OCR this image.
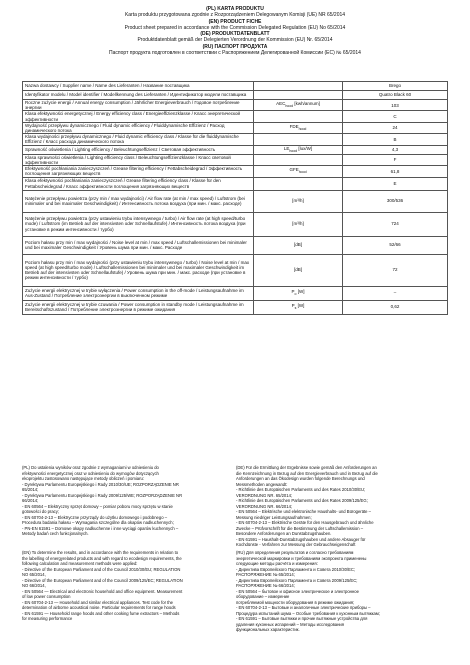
(PL) KARTA PRODUKTU
Karta produktu przygotowana zgodnie z Rozporządzeniem Delegowanym Komisji (UE) NR 65/2014
(EN) PRODUCT FICHE
Product sheet prepared in accordance with the Commission Delegated Regulation (EU) No 65/2014
(DE) PRODUKTDATENBLATT
Produktdatenblatt gemäß der Delegierten Verordnung der Kommission (EU) Nr. 65/2014
(RU) ПАСПОРТ ПРОДУКТА
Паспорт продукта подготовлен в соответствии с Распоряжением Делегированной Комиссии (ЕС) № 65/2014
Nazwa dostawcy / Supplier name / Name des Lieferanten / Название поставщика		Brego
Identyfikator modelu / Model identifier / Modellkennung des Lieferanten / Идентификатор модели поставщика		Quatro Black 60
Roczne zużycie energii / Annual energy consumption / Jährlicher Energieverbrauch / Годовое потребление энергии	$AEC_{hood}$ [kwh/annum]	103
Klasa efektywności energetycznej / Energy efficiency class / Energieeffizienzklasse / Класс энергетической эффективности		C
Wydajność przepływu dynamicznego / Fluid dynamic efficiency / Fluiddynamische Effizienz / Расход динамического потока	$FDE_{hood}$	24
Klasa wydajności przepływu dynamicznego / Fluid dynamic efficiency class / Klasse für die fluiddynamische Effizienz / Класс расхода динамического потока		B
Sprawność oświetlenia / Lighting efficiency / Beleuchtungseffizienz / Световая эффективность	$LE_{hood}$ [lux/W]	4,3
Klasa sprawności oświetlenia / Lighting efficiency class / Beleuchtungseffizienzklasse / Класс световой эффективности		F
Efektywność pochłaniania zanieczyszczeń / Grease filtering efficiency / Fettabscheidegrad / Эффективность поглощения загрязняющих веществ	$GFE_{hood}$	61,8
Klasa efektywności pochłaniania zanieczyszczeń / Grease filtering efficiency class / Klasse für den Fettabscheidegrad / Класс эффективности поглощения загрязняющих веществ		E
Natężenie przepływu powietrza (przy min / max wydajności) / Air flow rate (at min / max speed) / Luftstrom (bei minimaler und bei maximaler Geschwindigkeit) / Интенсивность потока воздуха (при мин. / макс. расходе)	[m³/h]	300/536
Natężenie przepływu powietrza (przy ustawieniu trybu intensywnego / turbo) / Air flow rate (at high speed/turbo mode) / Luftstrom (im Betrieb auf der intensivsten oder Schnellaufstufe) / Интенсивность потока воздуха (при установке в режим интенсивности / турбо)	[m³/h]	724
Poziom hałasu przy min / max wydajności / Noise level at min / max speed / Luftschallemissionen bei minimaler und bei maximaler Geschwindigkeit / Уровень шума при мин. / макс. Расходе	[dB]	52/66
Poziom hałasu przy min / max wydajności (przy ustawieniu trybu intensywnego / turbo) / Noise level at min / max speed (at high speed/turbo mode) / Luftschallemissionen bei minimaler und bei maximaler Geschwindigkeit im Betrieb auf der intensivsten oder Schnellaufstufe) / Уровень шума при мин. / макс. расходе (при установке в режим интенсивности / турбо)	[dB]	72
Zużycie energii elektrycznej w trybie wyłączenia / Power consumption in the off-mode / Leistungsaufnahme im Aus-Zustand / Потребление электроэнергии в выключенном режиме	$P_o$ [W]	–
Zużycie energii elektrycznej w trybie czuwania / Power consumption in standby mode / Leistungsaufnahme im Bereitschaftszustand / Потребление электроэнергии в режиме ожидания	$P_s$ [W]	0,62
(PL) Do ustalenia wyników oraz zgodnie z wymaganiami w odniesieniu do
efektywności energetycznej oraz w odniesieniu do wymogów dotyczących
ekoprojektu zastosowano następujące metody obliczeń i pomiaru:
- Dyrektywa Parlamentu Europejskiego i Rady 2010/30/UE; ROZPORZĄDZENIE NR
65/2014;
- Dyrektywa Parlamentu Europejskiego i Rady 2009/125/WE; ROZPORZĄDZENIE NR
66/2014;
- EN 60564 – Elektryczny sprzęt domowy – pomiar poboru mocy sprzętu w stanie
gotowości do pracy;
- EN 60704-2-13 – Elektryczne przyrządy do użytku domowego i podobnego –
Procedura badania hałasu – Wymagania szczególne dla okapów nadkuchennych;
- PN-EN 61591 – Domowe okapy nadkuchenne i inne wyciągi oparów kuchennych –
Metody badań cech funkcjonalnych.
(DE) Für die Ermittlung der Ergebnisse sowie gemäß den Anforderungen an
die Kennzeichnung in Bezug auf den Energieverbrauch und in Bezug auf die
Anforderungen an das Ökodesign wurden folgende Berechnungs und
Messmethoden angewandt:
- Richtlinie des Europäischen Parlaments und des Rates 2010/30/EU;
VERORDNUNG NR. 65/2014;
- Richtlinie des Europäischen Parlaments und des Rates 2009/125/EG;
VERORDNUNG NR. 66/2014;
- EN 50564 – Elektrische und elektronische Haushalts- und Bürogeräte –
Messung niedriger Leistungsaufnahmen;
- EN 60704-2-13 – Elektrische Geräte für den Hausgebrauch und ähnliche
Zwecke – Prüfvorschrift für die Bestimmung der Luftschallemission –
Besondere Anforderungen an Dunstabzugshauben.
- EN 61591 – Haushalt-Dunstabzugshauben und andere Absauger für
Kochdünste - Verfahren zur Messung der Gebrauchseigenschaft
(EN) To determine the results, and in accordance with the requirements in relation to
the labelling of energyrelated products and with regard to ecodesign requirements, the
following calculation and measurement methods were applied:
- Directive of the European Parliament and of the Council 2010/30/EU; REGULATION
NO 65/2014,
- Directive of the European Parliament and of the Council 2009/125/EC; REGULATION
NO 66/2014,
- EN 50564 — Electrical and electronic household and office equipment. Measurement
of low power consumption
- EN 60704-2-13 — Household and similar electrical appliances. Test code for the
determination of airborne acoustical noise. Particular requirements for range hoods
- EN 61591 — Household range hoods and other cooking fume extractors – Methods
for measuring performance
(RU) Для определения результатов и согласно требованиям
энергетической маркировки и требованиям экопроекта применены
следующие методы расчёта и измерения:
- Директива Европейского Парламента и Совета 2010/30/ЕС;
РАСПОРЯЖЕНИЕ № 65/2014;
- Директива Европейского Парламента и Совета 2009/125/ЕС;
РАСПОРЯЖЕНИЕ № 66/2014;
- EN 50564 – бытовое и офисное электрическое и электронное
оборудование – измерение
потребляемой мощности оборудования в режиме ожидания;
- EN 60704-2-13 – Бытовые и аналогичные электрические приборы –
Процедура испытаний шума – Особые требования к кухонным вытяжкам;
- EN 61591 – Бытовые вытяжки и прочие вытяжные устройства для
удаления кухонных испарений – Методы исследования
функциональных характеристик.
